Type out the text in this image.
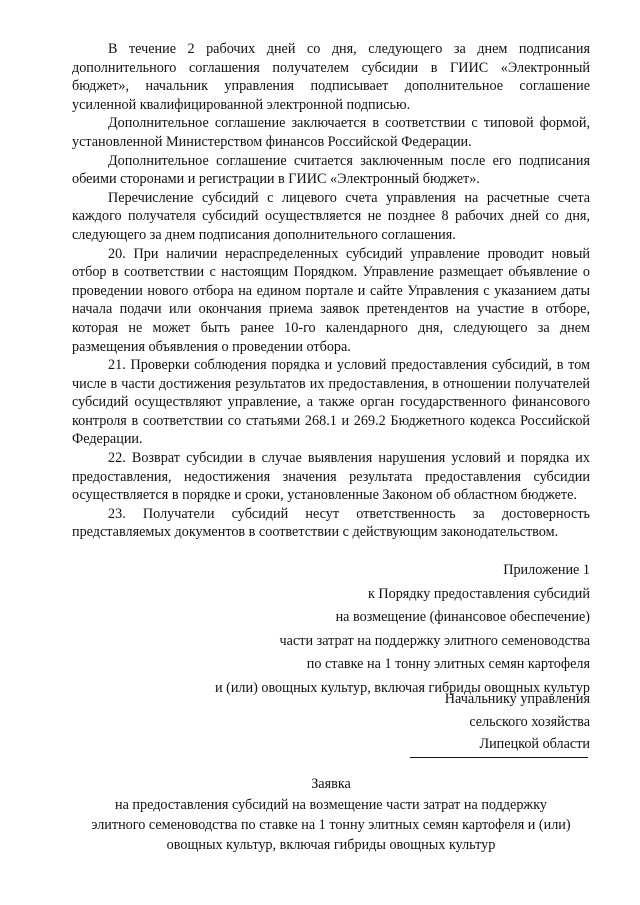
В течение 2 рабочих дней со дня, следующего за днем подписания дополнительного соглашения получателем субсидии в ГИИС «Электронный бюджет», начальник управления подписывает дополнительное соглашение усиленной квалифицированной электронной подписью.

Дополнительное соглашение заключается в соответствии с типовой формой, установленной Министерством финансов Российской Федерации.

Дополнительное соглашение считается заключенным после его подписания обеими сторонами и регистрации в ГИИС «Электронный бюджет».

Перечисление субсидий с лицевого счета управления на расчетные счета каждого получателя субсидий осуществляется не позднее 8 рабочих дней со дня, следующего за днем подписания дополнительного соглашения.

20. При наличии нераспределенных субсидий управление проводит новый отбор в соответствии с настоящим Порядком. Управление размещает объявление о проведении нового отбора на едином портале и сайте Управления с указанием даты начала подачи или окончания приема заявок претендентов на участие в отборе, которая не может быть ранее 10-го календарного дня, следующего за днем размещения объявления о проведении отбора.

21. Проверки соблюдения порядка и условий предоставления субсидий, в том числе в части достижения результатов их предоставления, в отношении получателей субсидий осуществляют управление, а также орган государственного финансового контроля в соответствии со статьями 268.1 и 269.2 Бюджетного кодекса Российской Федерации.

22. Возврат субсидии в случае выявления нарушения условий и порядка их предоставления, недостижения значения результата предоставления субсидии осуществляется в порядке и сроки, установленные Законом об областном бюджете.

23. Получатели субсидий несут ответственность за достоверность представляемых документов в соответствии с действующим законодательством.

Приложение 1
к Порядку предоставления субсидий
на возмещение (финансовое обеспечение)
части затрат на поддержку элитного семеноводства
по ставке на 1 тонну элитных семян картофеля
и (или) овощных культур, включая гибриды овощных культур
Начальнику управления
сельского хозяйства
Липецкой области
Заявка
на предоставления субсидий на возмещение части затрат на поддержку
элитного семеноводства по ставке на 1 тонну элитных семян картофеля и (или)
овощных культур, включая гибриды овощных культур
